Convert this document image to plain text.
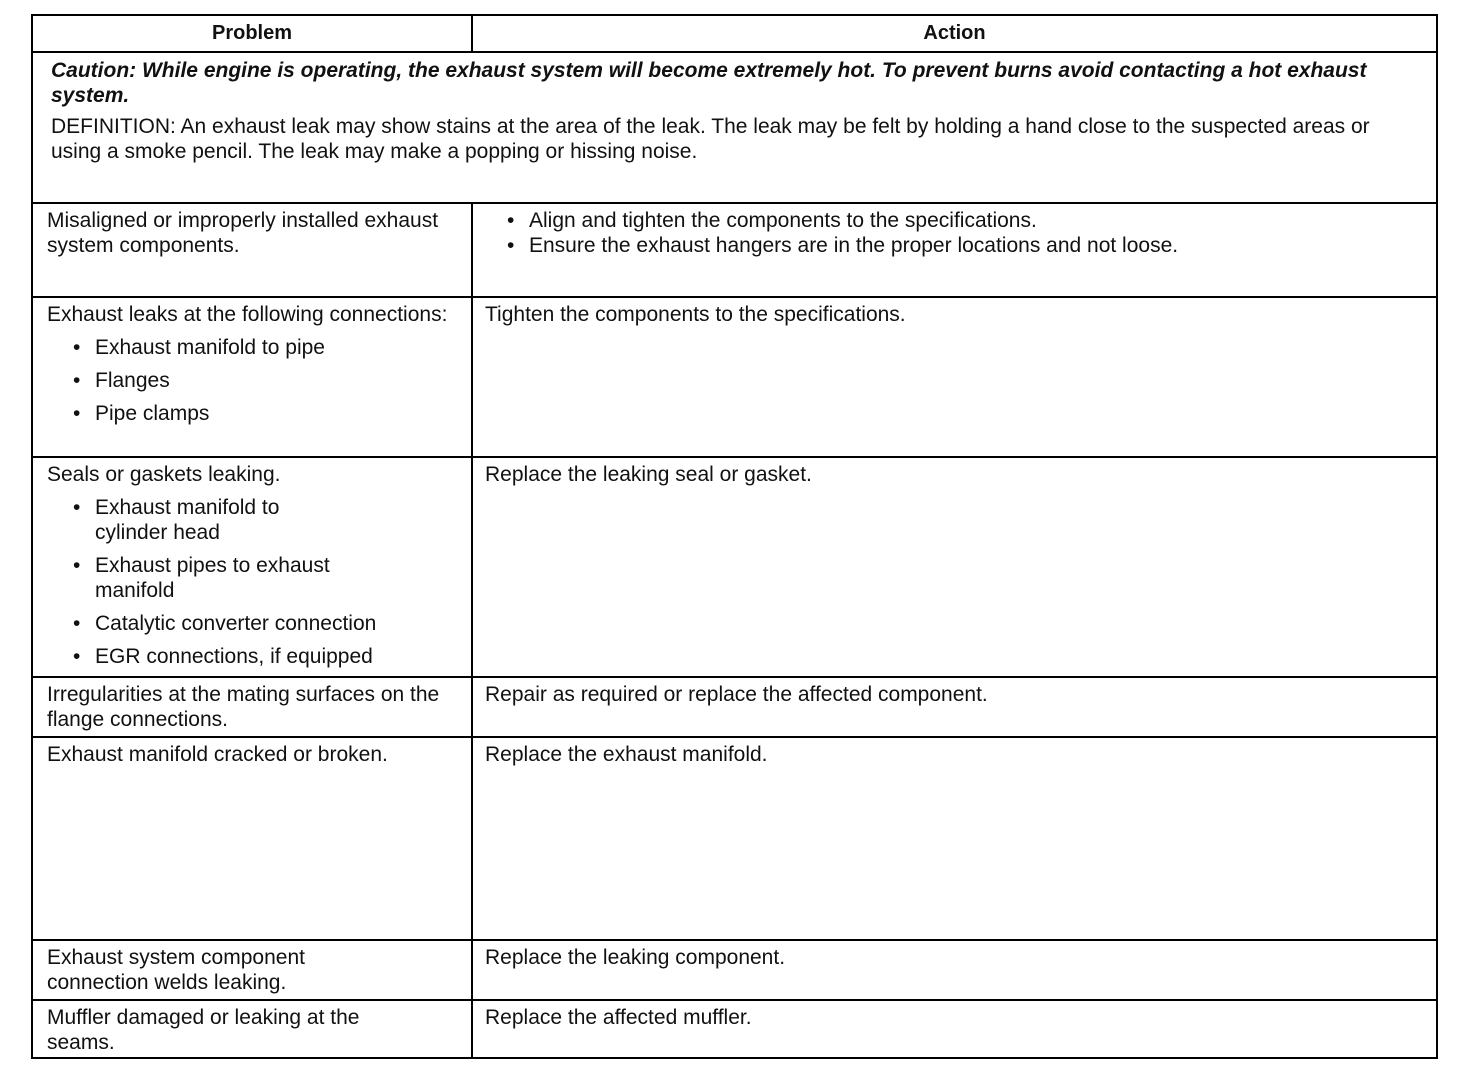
Problem	Action
Caution: While engine is operating, the exhaust system will become extremely hot. To prevent burns avoid contacting a hot exhaust system.
DEFINITION: An exhaust leak may show stains at the area of the leak. The leak may be felt by holding a hand close to the suspected areas or using a smoke pencil. The leak may make a popping or hissing noise.
Misaligned or improperly installed exhaust system components.
• Align and tighten the components to the specifications.
• Ensure the exhaust hangers are in the proper locations and not loose.
Exhaust leaks at the following connections:
• Exhaust manifold to pipe
• Flanges
• Pipe clamps
Tighten the components to the specifications.
Seals or gaskets leaking.
• Exhaust manifold to cylinder head
• Exhaust pipes to exhaust manifold
• Catalytic converter connection
• EGR connections, if equipped
Replace the leaking seal or gasket.
Irregularities at the mating surfaces on the flange connections.
Repair as required or replace the affected component.
Exhaust manifold cracked or broken.	Replace the exhaust manifold.
Exhaust system component connection welds leaking.
Replace the leaking component.
Muffler damaged or leaking at the seams.
Replace the affected muffler.
